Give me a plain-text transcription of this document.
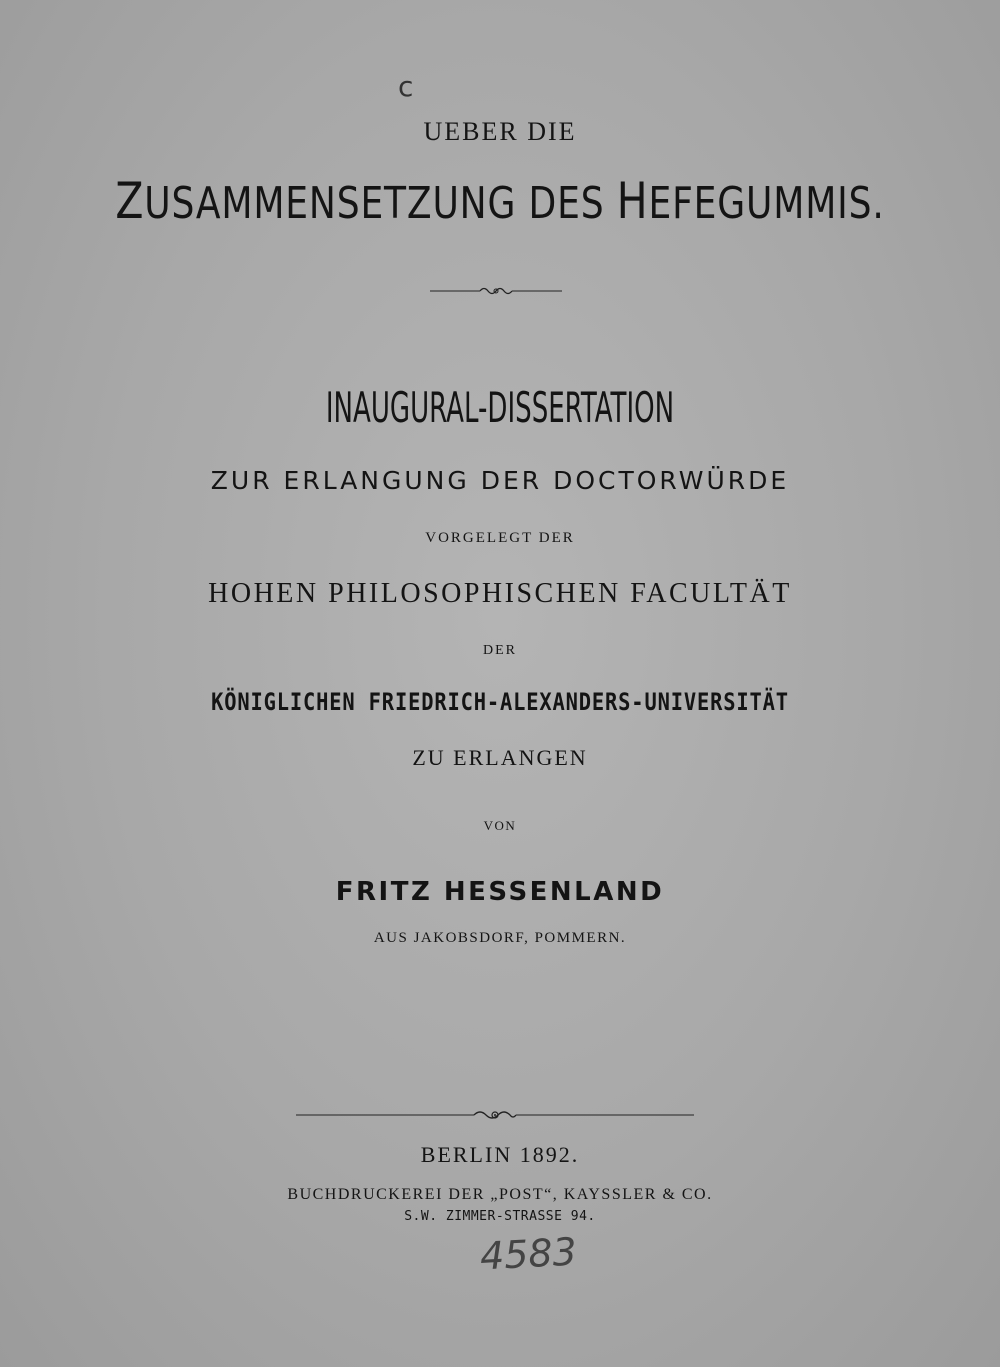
c
UEBER DIE
ZUSAMMENSETZUNG DES HEFEGUMMIS.
INAUGURAL-DISSERTATION
ZUR ERLANGUNG DER DOCTORWÜRDE
VORGELEGT DER
HOHEN PHILOSOPHISCHEN FACULTÄT
DER
KÖNIGLICHEN FRIEDRICH-ALEXANDERS-UNIVERSITÄT
ZU ERLANGEN
VON
FRITZ HESSENLAND
AUS JAKOBSDORF, POMMERN.
BERLIN 1892.
BUCHDRUCKEREI DER „POST“, KAYSSLER & CO.
S.W. ZIMMER-STRASSE 94.
4583
